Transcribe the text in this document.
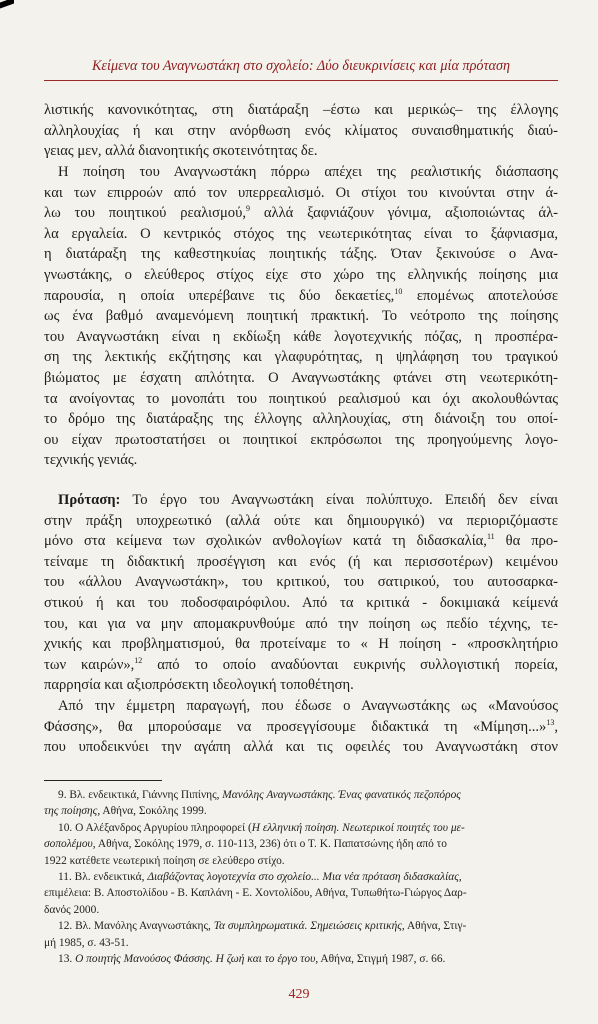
Κείμενα του Αναγνωστάκη στο σχολείο: Δύο διευκρινίσεις και μία πρόταση
λιστικής κανονικότητας, στη διατάραξη –έστω και μερικώς– της έλλογης
αλληλουχίας ή και στην ανόρθωση ενός κλίματος συναισθηματικής διαύ-
γειας μεν, αλλά διανοητικής σκοτεινότητας δε.
Η ποίηση του Αναγνωστάκη πόρρω απέχει της ρεαλιστικής διάσπασης
και των επιρροών από τον υπερρεαλισμό. Οι στίχοι του κινούνται στην ά-
λω του ποιητικού ρεαλισμού,$^9$ αλλά ξαφνιάζουν γόνιμα, αξιοποιώντας άλ-
λα εργαλεία. Ο κεντρικός στόχος της νεωτερικότητας είναι το ξάφνιασμα,
η διατάραξη της καθεστηκυίας ποιητικής τάξης. Όταν ξεκινούσε ο Ανα-
γνωστάκης, ο ελεύθερος στίχος είχε στο χώρο της ελληνικής ποίησης μια
παρουσία, η οποία υπερέβαινε τις δύο δεκαετίες,$^{10}$ επομένως αποτελούσε
ως ένα βαθμό αναμενόμενη ποιητική πρακτική. Το νεότροπο της ποίησης
του Αναγνωστάκη είναι η εκδίωξη κάθε λογοτεχνικής πόζας, η προσπέρα-
ση της λεκτικής εκζήτησης και γλαφυρότητας, η ψηλάφηση του τραγικού
βιώματος με έσχατη απλότητα. Ο Αναγνωστάκης φτάνει στη νεωτερικότη-
τα ανοίγοντας το μονοπάτι του ποιητικού ρεαλισμού και όχι ακολουθώντας
το δρόμο της διατάραξης της έλλογης αλληλουχίας, στη διάνοιξη του οποί-
ου είχαν πρωτοστατήσει οι ποιητικοί εκπρόσωποι της προηγούμενης λογο-
τεχνικής γενιάς.
Πρόταση: Το έργο του Αναγνωστάκη είναι πολύπτυχο. Επειδή δεν είναι
στην πράξη υποχρεωτικό (αλλά ούτε και δημιουργικό) να περιοριζόμαστε
μόνο στα κείμενα των σχολικών ανθολογίων κατά τη διδασκαλία,$^{11}$ θα προ-
τείναμε τη διδακτική προσέγγιση και ενός (ή και περισσοτέρων) κειμένου
του «άλλου Αναγνωστάκη», του κριτικού, του σατιρικού, του αυτοσαρκα-
στικού ή και του ποδοσφαιρόφιλου. Από τα κριτικά - δοκιμιακά κείμενά
του, και για να μην απομακρυνθούμε από την ποίηση ως πεδίο τέχνης, τε-
χνικής και προβληματισμού, θα προτείναμε το « Η ποίηση - «προσκλητήριο
των καιρών»,$^{12}$ από το οποίο αναδύονται ευκρινής συλλογιστική πορεία,
παρρησία και αξιοπρόσεκτη ιδεολογική τοποθέτηση.
Από την έμμετρη παραγωγή, που έδωσε ο Αναγνωστάκης ως «Μανούσος
Φάσσης», θα μπορούσαμε να προσεγγίσουμε διδακτικά τη «Μίμηση...»$^{13}$,
που υποδεικνύει την αγάπη αλλά και τις οφειλές του Αναγνωστάκη στον
9. Βλ. ενδεικτικά, Γιάννης Πιπίνης, Μανόλης Αναγνωστάκης. Ένας φανατικός πεζοπόρος
της ποίησης, Αθήνα, Σοκόλης 1999.
10. Ο Αλέξανδρος Αργυρίου πληροφορεί (Η ελληνική ποίηση. Νεωτερικοί ποιητές του με-
σοπολέμου, Αθήνα, Σοκόλης 1979, σ. 110-113, 236) ότι ο Τ. Κ. Παπατσώνης ήδη από το
1922 κατέθετε νεωτερική ποίηση σε ελεύθερο στίχο.
11. Βλ. ενδεικτικά, Διαβάζοντας λογοτεχνία στο σχολείο... Μια νέα πρόταση διδασκαλίας,
επιμέλεια: Β. Αποστολίδου - Β. Καπλάνη - Ε. Χοντολίδου, Αθήνα, Τυπωθήτω-Γιώργος Δαρ-
δανός 2000.
12. Βλ. Μανόλης Αναγνωστάκης, Τα συμπληρωματικά. Σημειώσεις κριτικής, Αθήνα, Στιγ-
μή 1985, σ. 43-51.
13. Ο ποιητής Μανούσος Φάσσης. Η ζωή και το έργο του, Αθήνα, Στιγμή 1987, σ. 66.
429
